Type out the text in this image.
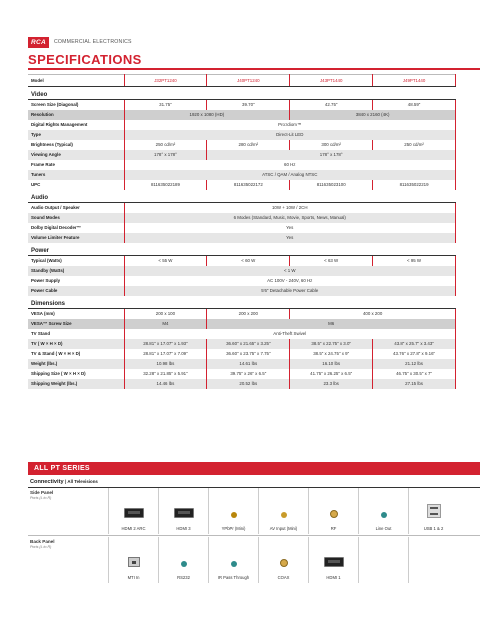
RCA	COMMERCIAL ELECTRONICS
SPECIFICATIONS
Model	J32PT1240	J40PT1240	J43PT1440	J49PT1440
Video				
Screen Size (Diagonal)	31.75"	39.70"	42.75"	48.59"
Resolution	1920 x 1080 (HD)		3840 x 2160 (4K)	
Digital Rights Management	Pro:Idiom™			
Type	Direct-Lit LED			
Brightness (Typical)	250 cd/m²	280 cd/m²	300 cd/m²	250 cd/m²
Viewing Angle	178° x 178°	178° x 178°		
Frame Rate	60 Hz			
Tuners	ATSC / QAM / Analog NTSC			
UPC	811635022189	811635022172	811635023100	811635022219
Audio				
Audio Output / Speaker	10W + 10W / 2CH			
Sound Modes	6 Modes (Standard, Music, Movie, Sports, News, Manual)			
Dolby Digital Decoder™	Yes			
Volume Limiter Feature	Yes			
Power				
Typical (Watts)	< 55 W	< 60 W	< 63 W	< 95 W
Standby (Watts)	< 1 W			
Power Supply	AC 100V - 240V, 60 Hz			
Power Cable	5'6" Detachable Power Cable			
Dimensions				
VESA (mm)	200 x 100	200 x 200	400 x 200	
VESA™ Screw Size	M4	M6		
TV Stand	Anti-Theft Swivel			
TV ( W × H × D)	28.81" x 17.07" x 1.93"	36.60" x 21.65" x 3.25"	38.5" x 22.75" x 3.0"	43.8" x 25.7" x 3.43"
TV & Stand ( W × H × D)	28.81" x 17.07" x 7.09"	36.60" x 23.75" x 7.75"	38.5" x 24.75" x 9"	43.76" x 27.8" x 9.16"
Weight (lbs.)	10.98 lbs	14.61 lbs	16.10 lbs	21.12 lbs
Shipping Size ( W × H × D)	32.28" x 21.85" x 5.91"	39.75" x 26" x 6.5"	41.75" x 26.25" x 6.5"	46.75" x 30.5" x 7"
Shipping Weight (lbs.)	14.46 lbs	20.52 lbs	23.3 lbs	27.15 lbs
ALL PT SERIES
Connectivity | All Televisions
Side Panel
Ports (L to R)
HDMI 2 ARC	HDMI 3	YPbPr (Mini)	AV Input (Mini)	RF	Line Out	USB 1 & 2
Back Panel
Ports (L to R)
MTI In	RS232	IR Pass Through	COAX	HDMI 1
